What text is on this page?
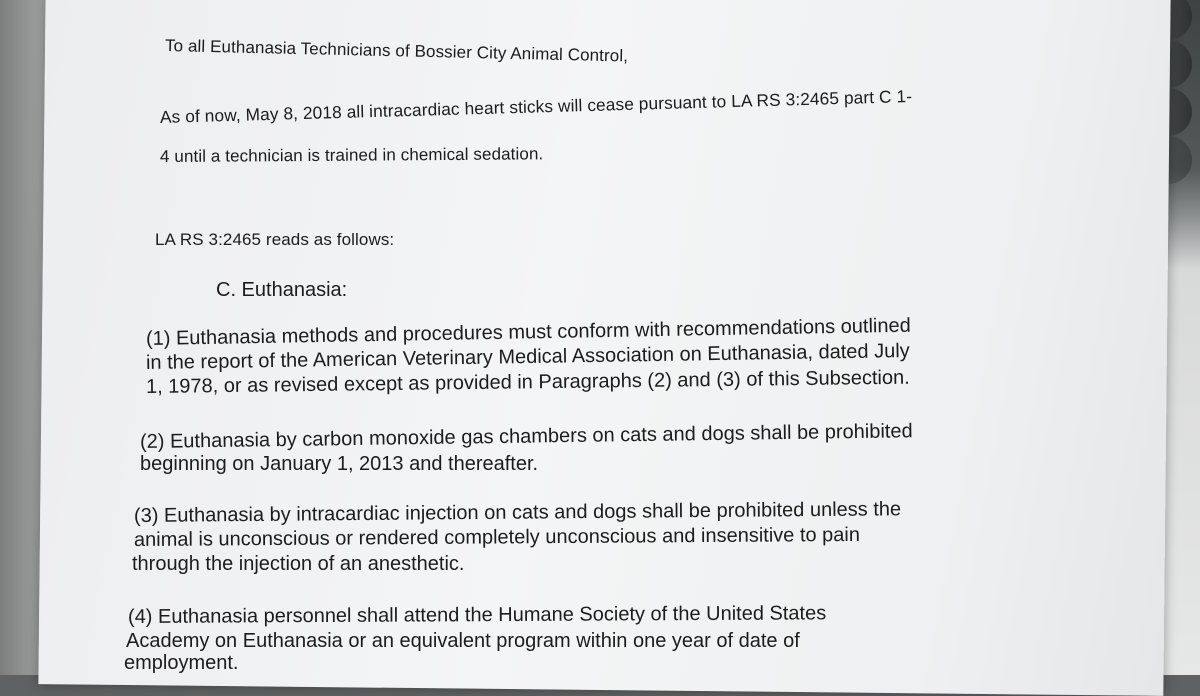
To all Euthanasia Technicians of Bossier City Animal Control,
As of now, May 8, 2018 all intracardiac heart sticks will cease pursuant to LA RS 3:2465 part C 1-
4 until a technician is trained in chemical sedation.
LA RS 3:2465 reads as follows:
C. Euthanasia:
(1) Euthanasia methods and procedures must conform with recommendations outlined
in the report of the American Veterinary Medical Association on Euthanasia, dated July
1, 1978, or as revised except as provided in Paragraphs (2) and (3) of this Subsection.
(2) Euthanasia by carbon monoxide gas chambers on cats and dogs shall be prohibited
beginning on January 1, 2013 and thereafter.
(3) Euthanasia by intracardiac injection on cats and dogs shall be prohibited unless the
animal is unconscious or rendered completely unconscious and insensitive to pain
through the injection of an anesthetic.
(4) Euthanasia personnel shall attend the Humane Society of the United States
Academy on Euthanasia or an equivalent program within one year of date of
employment.
